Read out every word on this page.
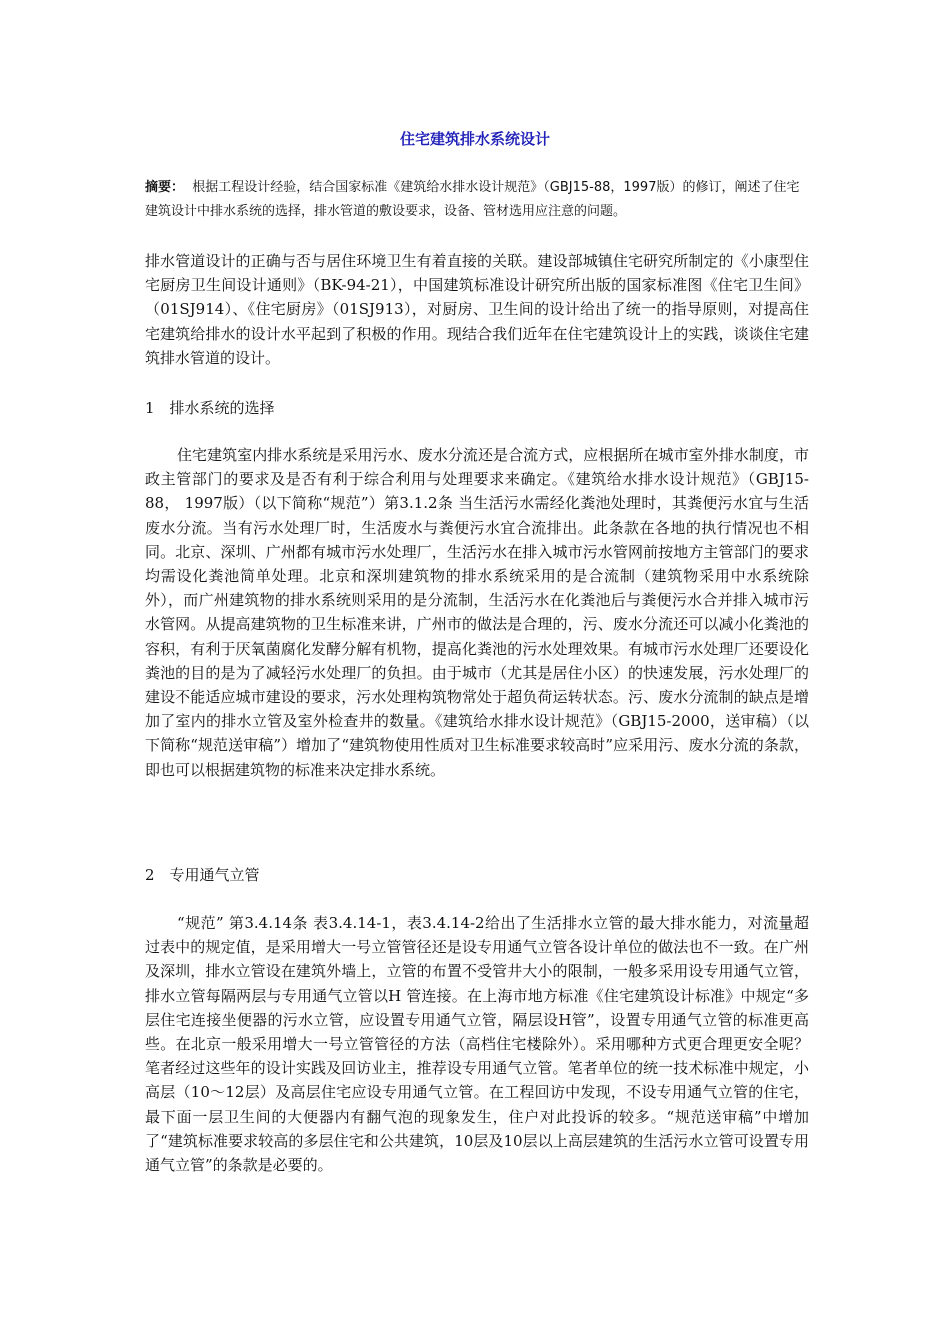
住宅建筑排水系统设计

摘要： 根据工程设计经验，结合国家标准《建筑给水排水设计规范》（GBJ15-88，1997版）的修订，阐述了住宅建筑设计中排水系统的选择，排水管道的敷设要求，设备、管材选用应注意的问题。

排水管道设计的正确与否与居住环境卫生有着直接的关联。建设部城镇住宅研究所制定的《小康型住宅厨房卫生间设计通则》（BK-94-21），中国建筑标准设计研究所出版的国家标准图《住宅卫生间》（01SJ914）、《住宅厨房》（01SJ913），对厨房、卫生间的设计给出了统一的指导原则，对提高住宅建筑给排水的设计水平起到了积极的作用。现结合我们近年在住宅建筑设计上的实践，谈谈住宅建筑排水管道的设计。

1　排水系统的选择

住宅建筑室内排水系统是采用污水、废水分流还是合流方式，应根据所在城市室外排水制度，市政主管部门的要求及是否有利于综合利用与处理要求来确定。《建筑给水排水设计规范》（GBJ15-88， 1997版）（以下简称“规范”）第3.1.2条 当生活污水需经化粪池处理时，其粪便污水宜与生活废水分流。当有污水处理厂时，生活废水与粪便污水宜合流排出。此条款在各地的执行情况也不相同。北京、深圳、广州都有城市污水处理厂，生活污水在排入城市污水管网前按地方主管部门的要求均需设化粪池简单处理。北京和深圳建筑物的排水系统采用的是合流制（建筑物采用中水系统除外），而广州建筑物的排水系统则采用的是分流制，生活污水在化粪池后与粪便污水合并排入城市污水管网。从提高建筑物的卫生标准来讲，广州市的做法是合理的，污、废水分流还可以减小化粪池的容积，有利于厌氧菌腐化发酵分解有机物，提高化粪池的污水处理效果。有城市污水处理厂还要设化粪池的目的是为了减轻污水处理厂的负担。由于城市（尤其是居住小区）的快速发展，污水处理厂的建设不能适应城市建设的要求，污水处理构筑物常处于超负荷运转状态。污、废水分流制的缺点是增加了室内的排水立管及室外检查井的数量。《建筑给水排水设计规范》（GBJ15-2000，送审稿）（以下简称“规范送审稿”）增加了“建筑物使用性质对卫生标准要求较高时”应采用污、废水分流的条款，即也可以根据建筑物的标准来决定排水系统。

2　专用通气立管

“规范” 第3.4.14条 表3.4.14-1，表3.4.14-2给出了生活排水立管的最大排水能力，对流量超过表中的规定值，是采用增大一号立管管径还是设专用通气立管各设计单位的做法也不一致。在广州及深圳，排水立管设在建筑外墙上，立管的布置不受管井大小的限制，一般多采用设专用通气立管，排水立管每隔两层与专用通气立管以H 管连接。在上海市地方标准《住宅建筑设计标准》中规定“多层住宅连接坐便器的污水立管，应设置专用通气立管，隔层设H管”，设置专用通气立管的标准更高些。在北京一般采用增大一号立管管径的方法（高档住宅楼除外）。采用哪种方式更合理更安全呢？笔者经过这些年的设计实践及回访业主，推荐设专用通气立管。笔者单位的统一技术标准中规定，小高层（10～12层）及高层住宅应设专用通气立管。在工程回访中发现，不设专用通气立管的住宅，最下面一层卫生间的大便器内有翻气泡的现象发生，住户对此投诉的较多。“规范送审稿”中增加了“建筑标准要求较高的多层住宅和公共建筑，10层及10层以上高层建筑的生活污水立管可设置专用通气立管”的条款是必要的。
